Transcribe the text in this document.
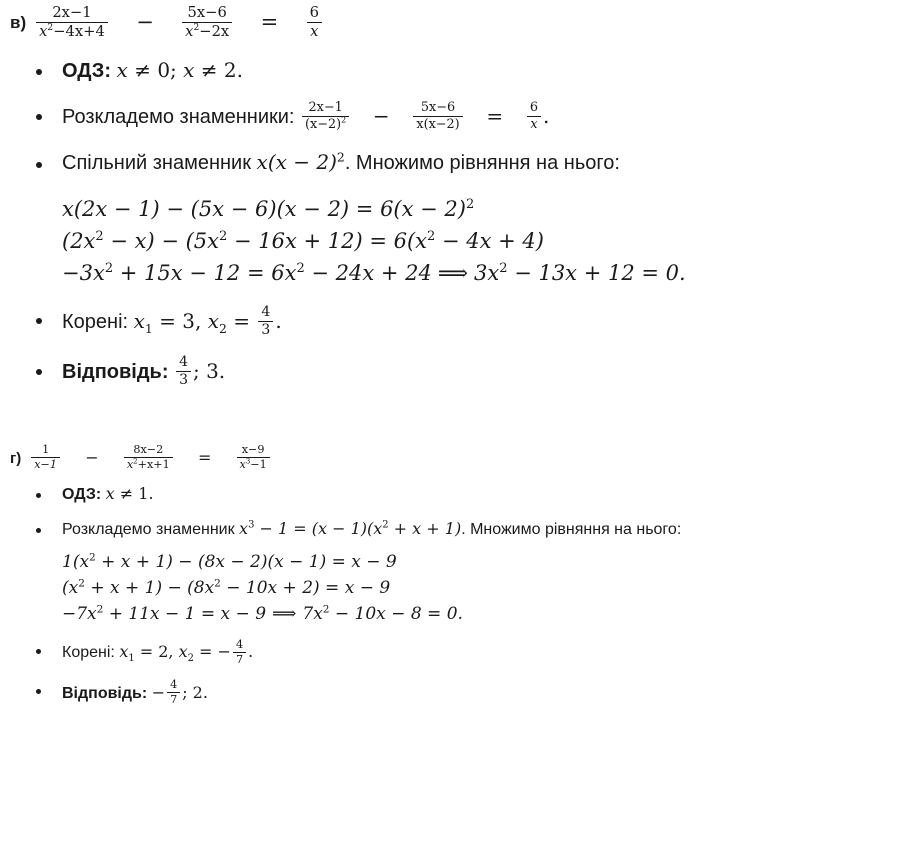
$в) \frac{2x-1}{x^2-4x+4} - \frac{5x-6}{x^2-2x} = \frac{6}{x}$
ОДЗ: x ≠ 0; x ≠ 2.
Розкладемо знаменники: $\frac{2x-1}{(x-2)^2} - \frac{5x-6}{x(x-2)} = \frac{6}{x}$ .
Спільний знаменник $x(x - 2)^2$. Множимо рівняння на нього:
$x(2x - 1) - (5x - 6)(x - 2) = 6(x - 2)^2$
$(2x^2 - x) - (5x^2 - 16x + 12) = 6(x^2 - 4x + 4)$
$-3x^2 + 15x - 12 = 6x^2 - 24x + 24$ ⟹ $3x^2 - 13x + 12 = 0$.
Корені: $x_1 = 3$, $x_2 = \frac{4}{3}$ .
Відповідь: $\frac{4}{3}$ ; 3.
$г) \frac{1}{x-1} - \frac{8x-2}{x^2+x+1} = \frac{x-9}{x^3-1}$
ОДЗ: x ≠ 1.
Розкладемо знаменник $x^3 - 1 = (x - 1)(x^2 + x + 1)$. Множимо рівняння на нього:
$1(x^2 + x + 1) - (8x - 2)(x - 1) = x - 9$
$(x^2 + x + 1) - (8x^2 - 10x + 2) = x - 9$
$-7x^2 + 11x - 1 = x - 9$ ⟹ $7x^2 - 10x - 8 = 0$.
Корені: $x_1 = 2$, $x_2$ = − $\frac{4}{7}$ .
Відповідь: − $\frac{4}{7}$ ; 2.
